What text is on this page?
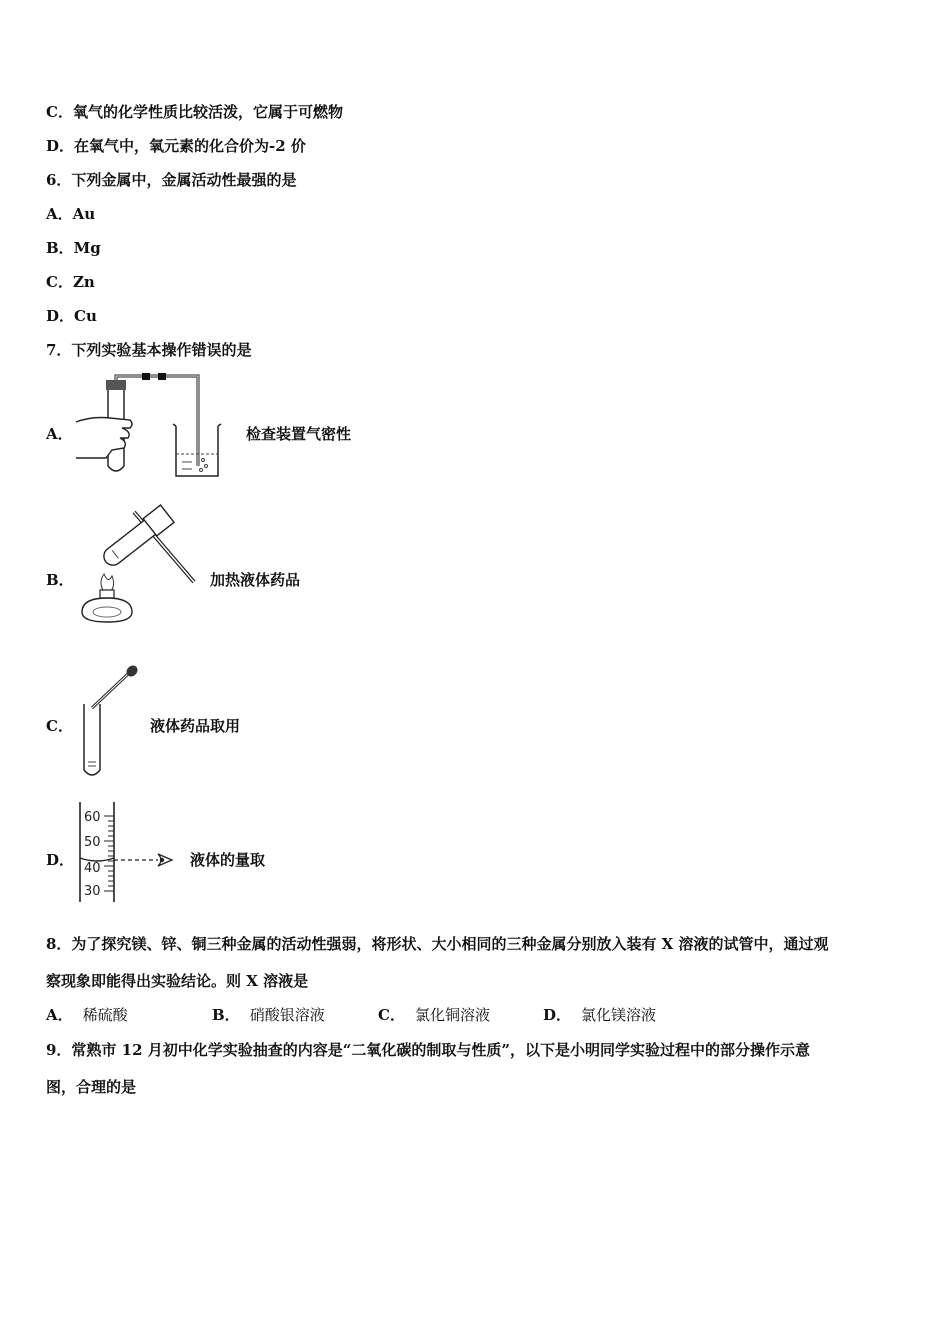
C．氧气的化学性质比较活泼，它属于可燃物
D．在氧气中，氧元素的化合价为-2 价
6．下列金属中，金属活动性最强的是
A．Au
B．Mg
C．Zn
D．Cu
7．下列实验基本操作错误的是
A．	检查装置气密性
B．	加热液体药品
C．	液体药品取用
D．
60
50
40
30
液体的量取
8．为了探究镁、锌、铜三种金属的活动性强弱，将形状、大小相同的三种金属分别放入装有 X 溶液的试管中，通过观
察现象即能得出实验结论。则 X 溶液是
A． 稀硫酸	B． 硝酸银溶液	C． 氯化铜溶液	D． 氯化镁溶液
9．常熟市 12 月初中化学实验抽查的内容是“二氧化碳的制取与性质”，以下是小明同学实验过程中的部分操作示意
图，合理的是
